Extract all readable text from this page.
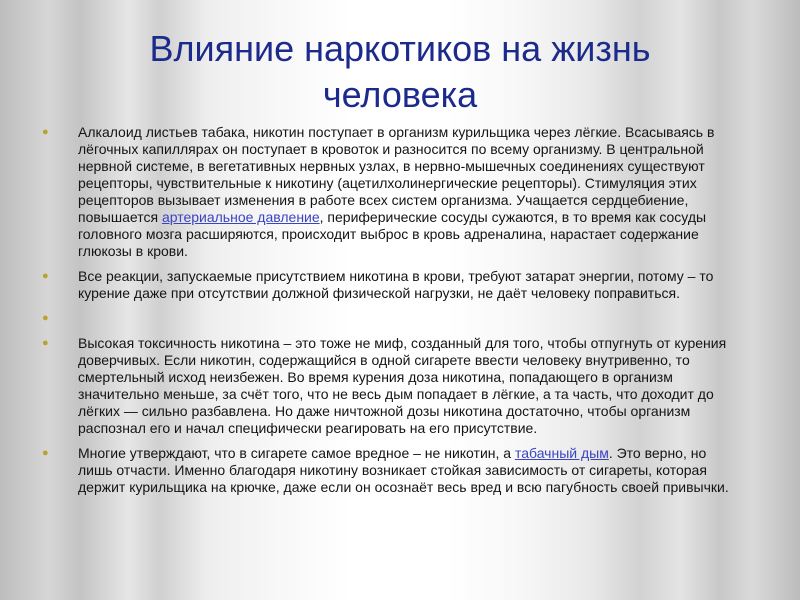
Влияние наркотиков на жизнь
человека
● Алкалоид листьев табака, никотин поступает в организм курильщика через лёгкие. Всасываясь в лёгочных капиллярах он поступает в кровоток и разносится по всему организму. В центральной нервной системе, в вегетативных нервных узлах, в нервно-мышечных соединениях существуют рецепторы, чувствительные к никотину (ацетилхолинергические рецепторы). Стимуляция этих рецепторов вызывает изменения в работе всех систем организма. Учащается сердцебиение, повышается артериальное давление, периферические сосуды сужаются, в то время как сосуды головного мозга расширяются, происходит выброс в кровь адреналина, нарастает содержание глюкозы в крови.
● Все реакции, запускаемые присутствием никотина в крови, требуют затарат энергии, потому – то курение даже при отсутствии должной физической нагрузки, не даёт человеку поправиться.
●
● Высокая токсичность никотина – это тоже не миф, созданный для того, чтобы отпугнуть от курения доверчивых. Если никотин, содержащийся в одной сигарете ввести человеку внутривенно, то смертельный исход неизбежен. Во время курения доза никотина, попадающего в организм значительно меньше, за счёт того, что не весь дым попадает в лёгкие, а та часть, что доходит до лёгких — сильно разбавлена. Но даже ничтожной дозы никотина достаточно, чтобы организм распознал его и начал специфически реагировать на его присутствие.
● Многие утверждают, что в сигарете самое вредное – не никотин, а табачный дым. Это верно, но лишь отчасти. Именно благодаря никотину возникает стойкая зависимость от сигареты, которая держит курильщика на крючке, даже если он осознаёт весь вред и всю пагубность своей привычки.
